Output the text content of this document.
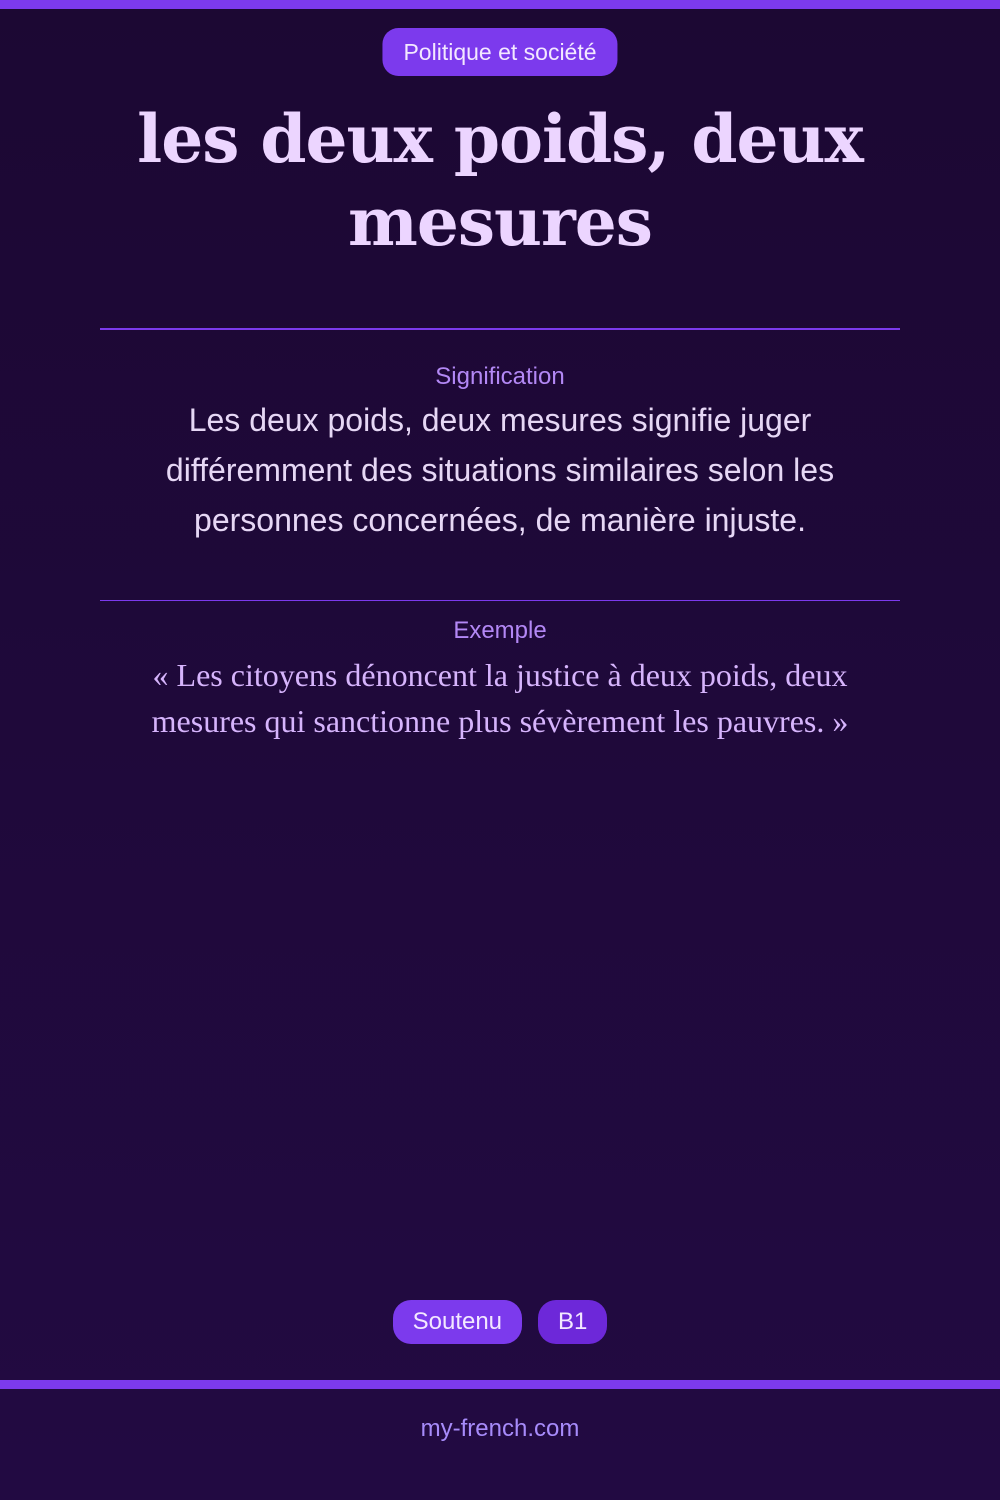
Politique et société
les deux poids, deux mesures
Signification
Les deux poids, deux mesures signifie juger différemment des situations similaires selon les personnes concernées, de manière injuste.
Exemple
« Les citoyens dénoncent la justice à deux poids, deux mesures qui sanctionne plus sévèrement les pauvres. »
Soutenu	B1
my-french.com
